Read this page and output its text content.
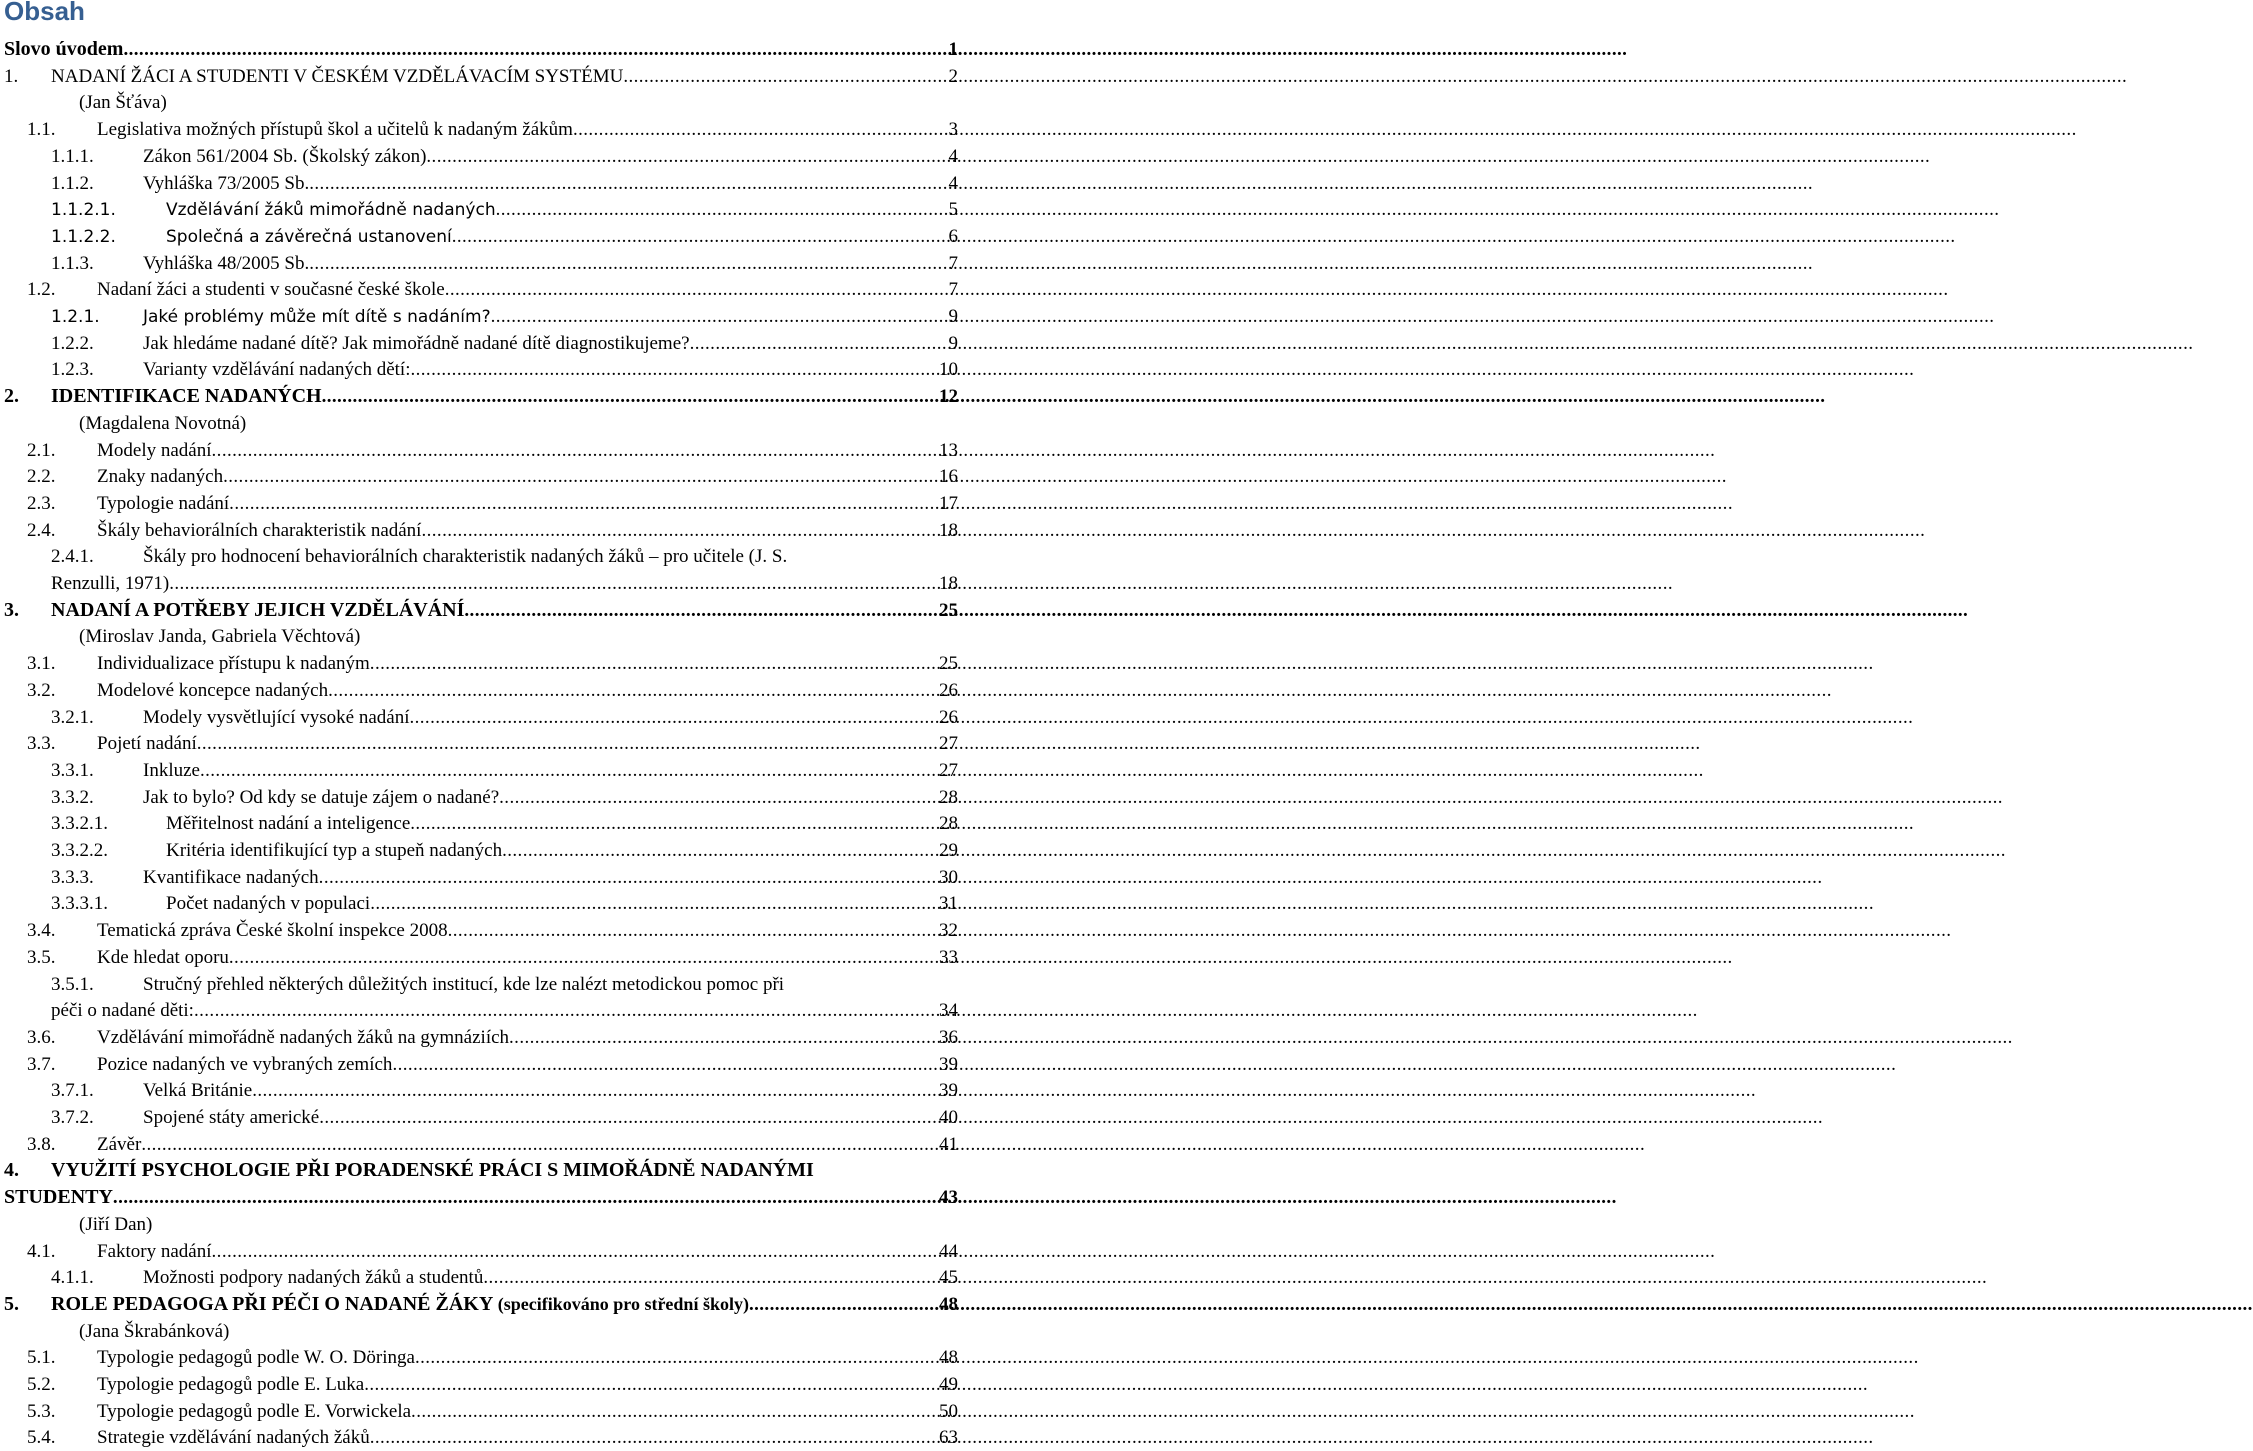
Obsah
Slovo úvodem .....	1
1.	NADANÍ ŽÁCI A STUDENTI V ČESKÉM VZDĚLÁVACÍM SYSTÉMU .....	2
(Jan Šťáva)
1.1.	Legislativa možných přístupů škol a učitelů k nadaným žákům .....	3
1.1.1.	Zákon 561/2004 Sb. (Školský zákon) .....	4
1.1.2.	Vyhláška 73/2005 Sb. .....	4
1.1.2.1.	Vzdělávání žáků mimořádně nadaných .....	5
1.1.2.2.	Společná a závěrečná ustanovení .....	6
1.1.3.	Vyhláška 48/2005 Sb. .....	7
1.2.	Nadaní žáci a studenti v současné české škole .....	7
1.2.1.	Jaké problémy může mít dítě s nadáním? .....	9
1.2.2.	Jak hledáme nadané dítě? Jak mimořádně nadané dítě diagnostikujeme? .....	9
1.2.3.	Varianty vzdělávání nadaných dětí: .....	10
2.	IDENTIFIKACE NADANÝCH .....	12
(Magdalena Novotná)
2.1.	Modely nadání .....	13
2.2.	Znaky nadaných .....	16
2.3.	Typologie nadání .....	17
2.4.	Škály behaviorálních charakteristik nadání .....	18
2.4.1.	Škály pro hodnocení behaviorálních charakteristik nadaných žáků – pro učitele (J. S.
Renzulli, 1971) .....	18
3.	NADANÍ A POTŘEBY JEJICH VZDĚLÁVÁNÍ .....	25
(Miroslav Janda, Gabriela Věchtová)
3.1.	Individualizace přístupu k nadaným .....	25
3.2.	Modelové koncepce nadaných .....	26
3.2.1.	Modely vysvětlující vysoké nadání .....	26
3.3.	Pojetí nadání .....	27
3.3.1.	Inkluze .....	27
3.3.2.	Jak to bylo? Od kdy se datuje zájem o nadané? .....	28
3.3.2.1.	Měřitelnost nadání a inteligence .....	28
3.3.2.2.	Kritéria identifikující typ a stupeň nadaných .....	29
3.3.3.	Kvantifikace nadaných .....	30
3.3.3.1.	Počet nadaných v populaci .....	31
3.4.	Tematická zpráva České školní inspekce 2008 .....	32
3.5.	Kde hledat oporu .....	33
3.5.1.	Stručný přehled některých důležitých institucí, kde lze nalézt metodickou pomoc při
péči o nadané děti: .....	34
3.6.	Vzdělávání mimořádně nadaných žáků na gymnáziích .....	36
3.7.	Pozice nadaných ve vybraných zemích .....	39
3.7.1.	Velká Británie .....	39
3.7.2.	Spojené státy americké .....	40
3.8.	Závěr .....	41
4.	VYUŽITÍ PSYCHOLOGIE PŘI PORADENSKÉ PRÁCI S MIMOŘÁDNĚ NADANÝMI
STUDENTY .....	43
(Jiří Dan)
4.1.	Faktory nadání .....	44
4.1.1.	Možnosti podpory nadaných žáků a studentů .....	45
5.	ROLE PEDAGOGA PŘI PÉČI O NADANÉ ŽÁKY (specifikováno pro střední školy) .....	48
(Jana Škrabánková)
5.1.	Typologie pedagogů podle W. O. Döringa .....	48
5.2.	Typologie pedagogů podle E. Luka .....	49
5.3.	Typologie pedagogů podle E. Vorwickela .....	50
5.4.	Strategie vzdělávání nadaných žáků .....	63
